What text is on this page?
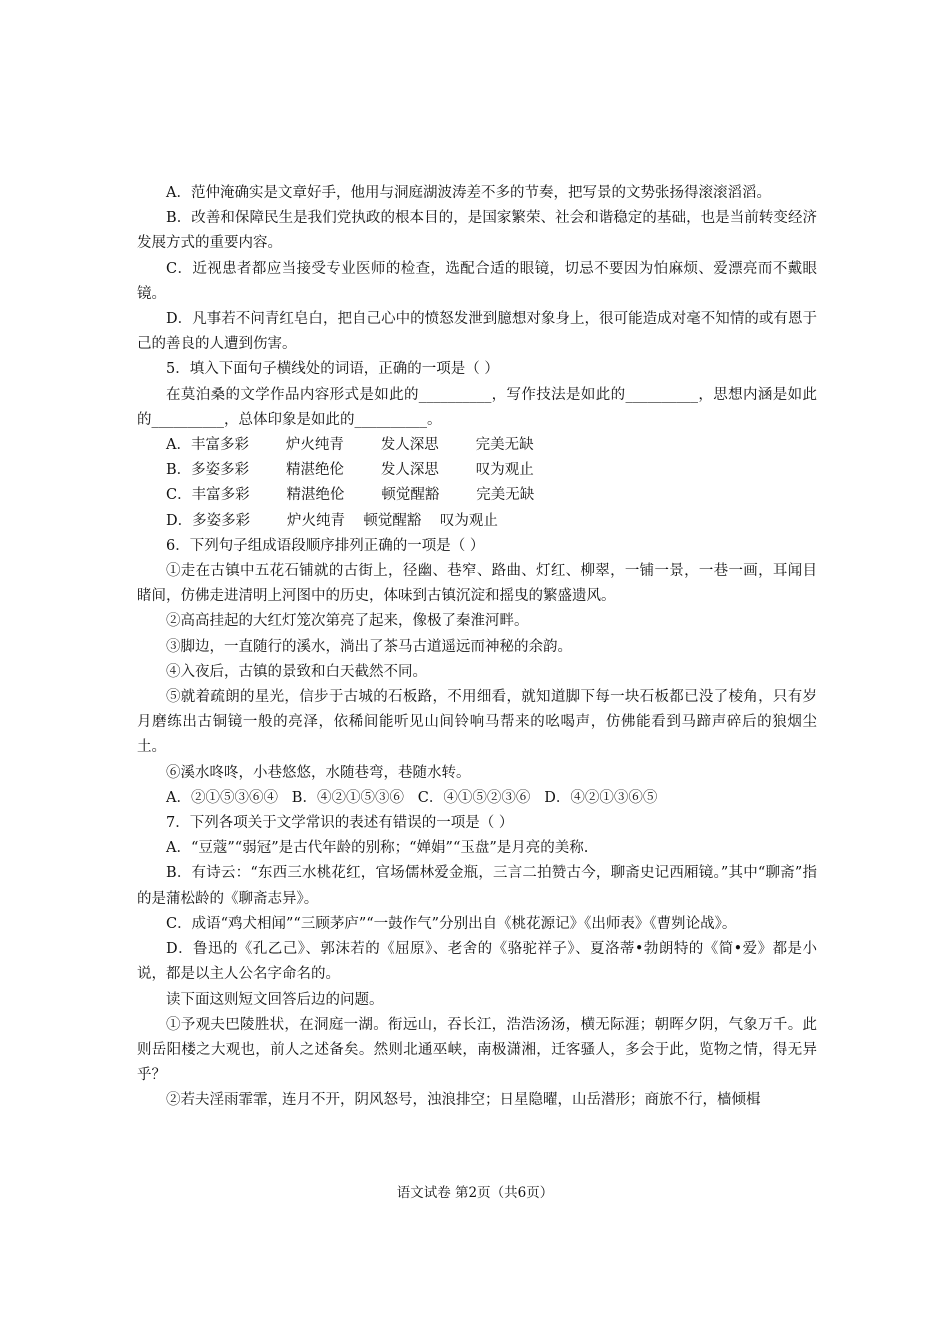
A．范仲淹确实是文章好手，他用与洞庭湖波涛差不多的节奏，把写景的文势张扬得滚滚滔滔。

B．改善和保障民生是我们党执政的根本目的，是国家繁荣、社会和谐稳定的基础，也是当前转变经济发展方式的重要内容。

C．近视患者都应当接受专业医师的检查，选配合适的眼镜，切忌不要因为怕麻烦、爱漂亮而不戴眼镜。

D．凡事若不问青红皂白，把自己心中的愤怒发泄到臆想对象身上，很可能造成对毫不知情的或有恩于己的善良的人遭到伤害。

5．填入下面句子横线处的词语，正确的一项是（ ）

在莫泊桑的文学作品内容形式是如此的__________，写作技法是如此的__________，思想内涵是如此的__________，总体印象是如此的__________。

A．丰富多彩        炉火纯青        发人深思        完美无缺

B．多姿多彩        精湛绝伦        发人深思        叹为观止

C．丰富多彩        精湛绝伦        顿觉醒豁        完美无缺

D．多姿多彩        炉火纯青    顿觉醒豁    叹为观止

6．下列句子组成语段顺序排列正确的一项是（ ）

①走在古镇中五花石铺就的古街上，径幽、巷窄、路曲、灯红、柳翠，一铺一景，一巷一画，耳闻目睹间，仿佛走进清明上河图中的历史，体味到古镇沉淀和摇曳的繁盛遗风。

②高高挂起的大红灯笼次第亮了起来，像极了秦淮河畔。

③脚边，一直随行的溪水，淌出了茶马古道遥远而神秘的余韵。

④入夜后，古镇的景致和白天截然不同。

⑤就着疏朗的星光，信步于古城的石板路，不用细看，就知道脚下每一块石板都已没了棱角，只有岁月磨练出古铜镜一般的亮泽，依稀间能听见山间铃响马帮来的吆喝声，仿佛能看到马蹄声碎后的狼烟尘土。

⑥溪水咚咚，小巷悠悠，水随巷弯，巷随水转。

A．②①⑤③⑥④   B．④②①⑤③⑥   C．④①⑤②③⑥   D．④②①③⑥⑤

7．下列各项关于文学常识的表述有错误的一项是（ ）

A．“豆蔻”“弱冠”是古代年龄的别称；“婵娟”“玉盘”是月亮的美称.

B．有诗云：“东西三水桃花红，官场儒林爱金瓶，三言二拍赞古今，聊斋史记西厢镜。”其中“聊斋”指的是蒲松龄的《聊斋志异》。

C．成语“鸡犬相闻”“三顾茅庐”“一鼓作气”分别出自《桃花源记》《出师表》《曹刿论战》。

D．鲁迅的《孔乙己》、郭沫若的《屈原》、老舍的《骆驼祥子》、夏洛蒂•勃朗特的《简•爱》都是小说，都是以主人公名字命名的。

读下面这则短文回答后边的问题。

①予观夫巴陵胜状，在洞庭一湖。衔远山，吞长江，浩浩汤汤，横无际涯；朝晖夕阴，气象万千。此则岳阳楼之大观也，前人之述备矣。然则北通巫峡，南极潇湘，迁客骚人，多会于此，览物之情，得无异乎？

②若夫淫雨霏霏，连月不开，阴风怒号，浊浪排空；日星隐曜，山岳潜形；商旅不行，樯倾楫

语文试卷 第2页（共6页）
